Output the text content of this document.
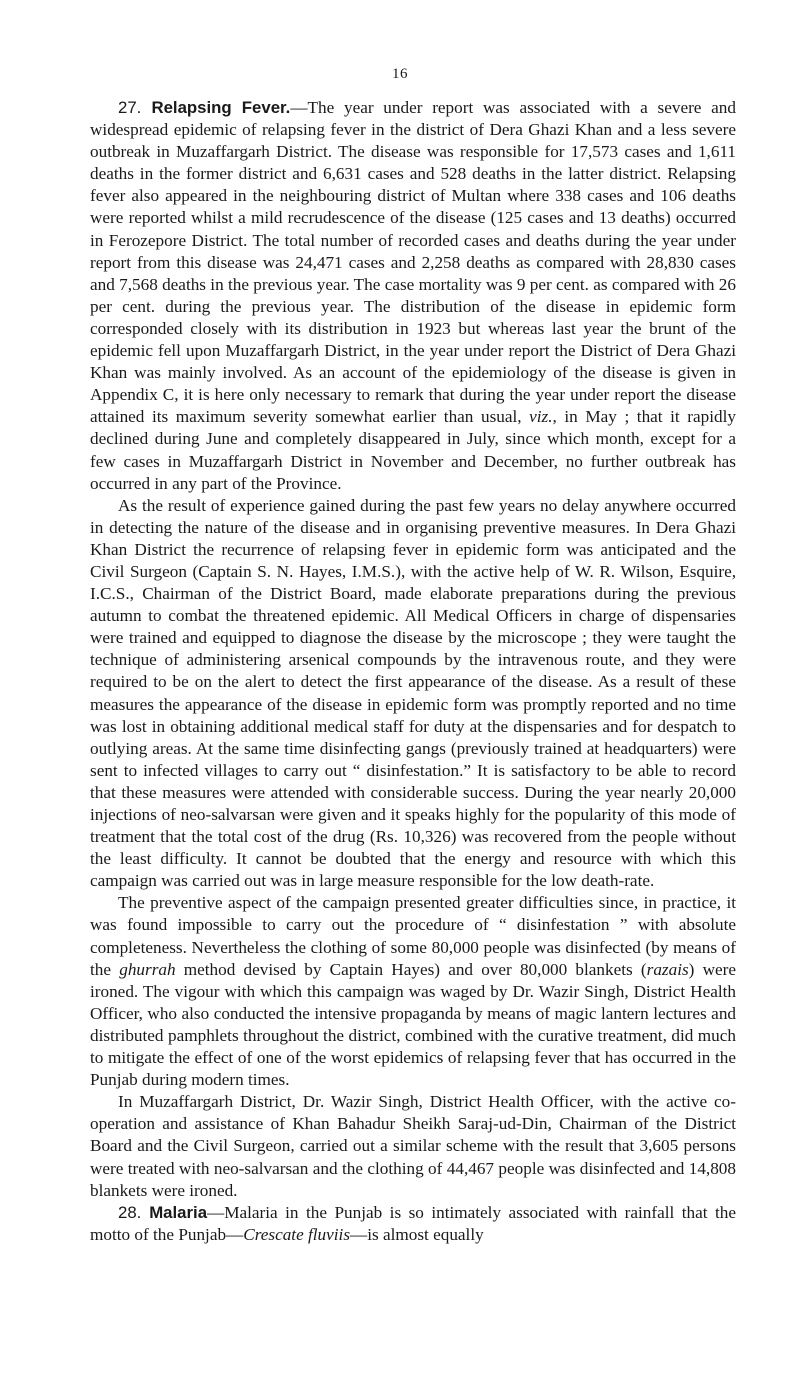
16

27. Relapsing Fever.—The year under report was associated with a severe and widespread epidemic of relapsing fever in the district of Dera Ghazi Khan and a less severe outbreak in Muzaffargarh District. The disease was responsible for 17,573 cases and 1,611 deaths in the former district and 6,631 cases and 528 deaths in the latter district. Relapsing fever also appeared in the neighbouring district of Multan where 338 cases and 106 deaths were reported whilst a mild recrudescence of the disease (125 cases and 13 deaths) occurred in Ferozepore District. The total number of recorded cases and deaths during the year under report from this disease was 24,471 cases and 2,258 deaths as compared with 28,830 cases and 7,568 deaths in the previous year. The case mortality was 9 per cent. as compared with 26 per cent. during the previous year. The distribution of the disease in epidemic form corresponded closely with its distribution in 1923 but whereas last year the brunt of the epidemic fell upon Muzaffargarh District, in the year under report the District of Dera Ghazi Khan was mainly involved. As an account of the epidemiology of the disease is given in Appendix C, it is here only necessary to remark that during the year under report the disease attained its maximum severity somewhat earlier than usual, viz., in May ; that it rapidly declined during June and completely disappeared in July, since which month, except for a few cases in Muzaffargarh District in November and December, no further outbreak has occurred in any part of the Province.

As the result of experience gained during the past few years no delay anywhere occurred in detecting the nature of the disease and in organising preventive measures. In Dera Ghazi Khan District the recurrence of relapsing fever in epidemic form was anticipated and the Civil Surgeon (Captain S. N. Hayes, I.M.S.), with the active help of W. R. Wilson, Esquire, I.C.S., Chairman of the District Board, made elaborate preparations during the previous autumn to combat the threatened epidemic. All Medical Officers in charge of dispensaries were trained and equipped to diagnose the disease by the microscope ; they were taught the technique of administering arsenical compounds by the intravenous route, and they were required to be on the alert to detect the first appearance of the disease. As a result of these measures the appearance of the disease in epidemic form was promptly reported and no time was lost in obtaining additional medical staff for duty at the dispensaries and for despatch to outlying areas. At the same time disinfecting gangs (previously trained at headquarters) were sent to infected villages to carry out “ disinfestation.” It is satisfactory to be able to record that these measures were attended with considerable success. During the year nearly 20,000 injections of neo-salvarsan were given and it speaks highly for the popularity of this mode of treatment that the total cost of the drug (Rs. 10,326) was recovered from the people without the least difficulty. It cannot be doubted that the energy and resource with which this campaign was carried out was in large measure responsible for the low death-rate.

The preventive aspect of the campaign presented greater difficulties since, in practice, it was found impossible to carry out the procedure of “ disinfestation ” with absolute completeness. Nevertheless the clothing of some 80,000 people was disinfected (by means of the ghurrah method devised by Captain Hayes) and over 80,000 blankets (razais) were ironed. The vigour with which this campaign was waged by Dr. Wazir Singh, District Health Officer, who also conducted the intensive propaganda by means of magic lantern lectures and distributed pamphlets throughout the district, combined with the curative treatment, did much to mitigate the effect of one of the worst epidemics of relapsing fever that has occurred in the Punjab during modern times.

In Muzaffargarh District, Dr. Wazir Singh, District Health Officer, with the active co-operation and assistance of Khan Bahadur Sheikh Saraj-ud-Din, Chairman of the District Board and the Civil Surgeon, carried out a similar scheme with the result that 3,605 persons were treated with neo-salvarsan and the clothing of 44,467 people was disinfected and 14,808 blankets were ironed.

28. Malaria—Malaria in the Punjab is so intimately associated with rainfall that the motto of the Punjab—Crescate fluviis—is almost equally
